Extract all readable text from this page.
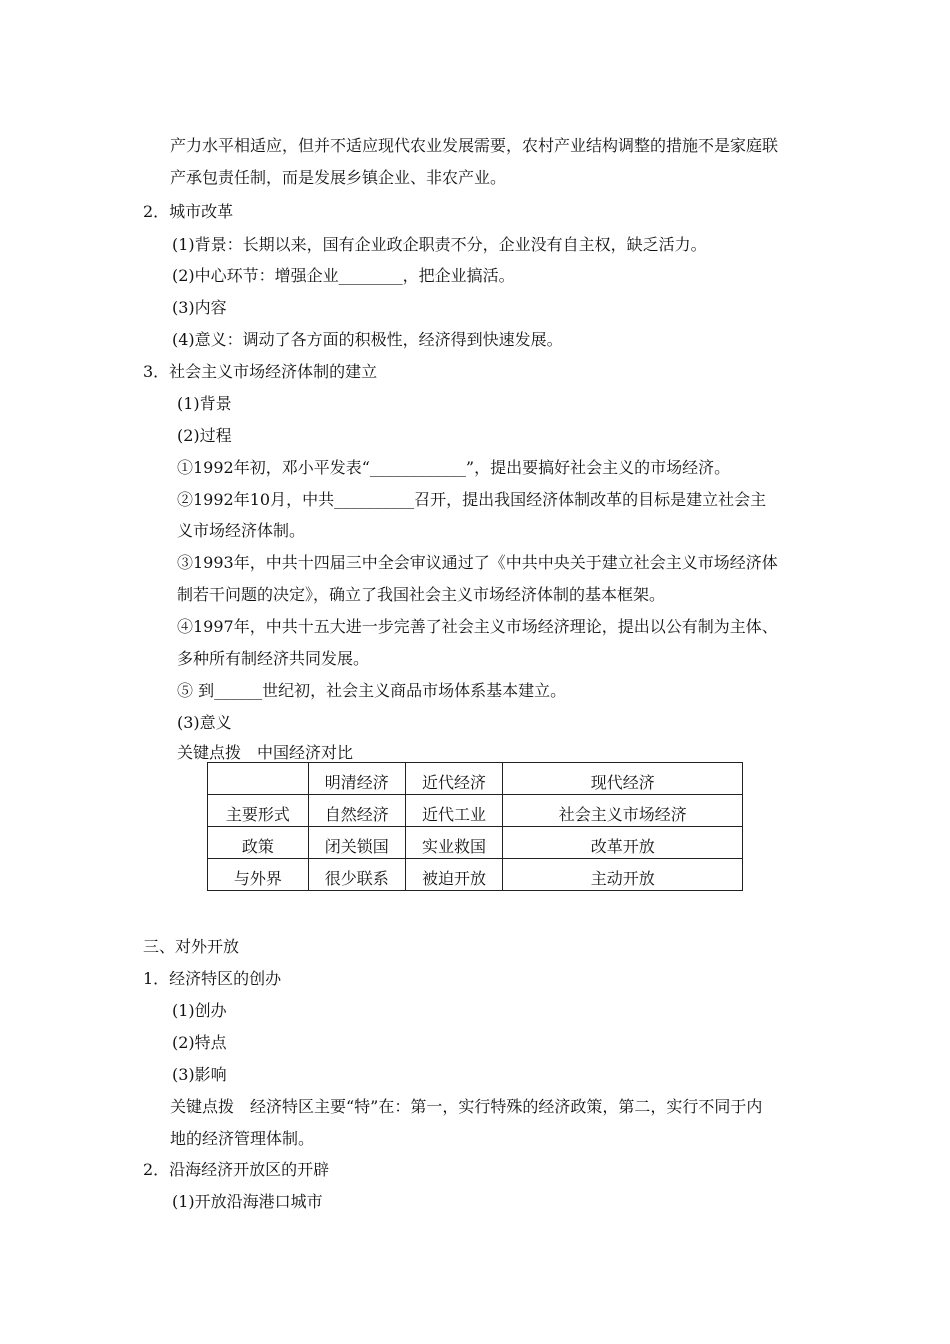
产力水平相适应，但并不适应现代农业发展需要，农村产业结构调整的措施不是家庭联
产承包责任制，而是发展乡镇企业、非农产业。
2．城市改革
(1)背景：长期以来，国有企业政企职责不分，企业没有自主权，缺乏活力。
(2)中心环节：增强企业________，把企业搞活。
(3)内容
(4)意义：调动了各方面的积极性，经济得到快速发展。
3．社会主义市场经济体制的建立
(1)背景
(2)过程
①1992年初，邓小平发表“____________”，提出要搞好社会主义的市场经济。
②1992年10月，中共__________召开，提出我国经济体制改革的目标是建立社会主
义市场经济体制。
③1993年，中共十四届三中全会审议通过了《中共中央关于建立社会主义市场经济体
制若干问题的决定》，确立了我国社会主义市场经济体制的基本框架。
④1997年，中共十五大进一步完善了社会主义市场经济理论，提出以公有制为主体、
多种所有制经济共同发展。
⑤ 到______世纪初，社会主义商品市场体系基本建立。
(3)意义
关键点拨　中国经济对比
	明清经济	近代经济	现代经济
主要形式	自然经济	近代工业	社会主义市场经济
政策	闭关锁国	实业救国	改革开放
与外界	很少联系	被迫开放	主动开放
三、对外开放
1．经济特区的创办
(1)创办
(2)特点
(3)影响
关键点拨　经济特区主要“特”在：第一，实行特殊的经济政策，第二，实行不同于内
地的经济管理体制。
2．沿海经济开放区的开辟
(1)开放沿海港口城市
